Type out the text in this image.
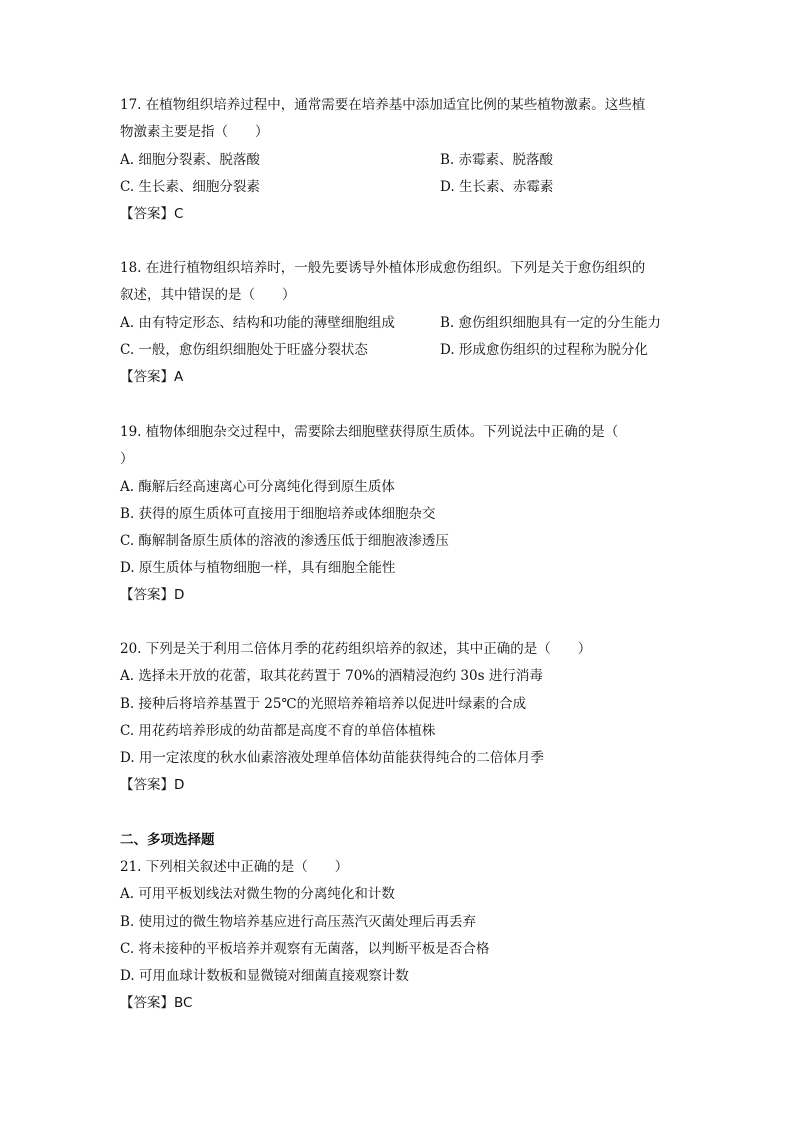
17. 在植物组织培养过程中，通常需要在培养基中添加适宜比例的某些植物激素。这些植
物激素主要是指（　　）
A. 细胞分裂素、脱落酸	B. 赤霉素、脱落酸
C. 生长素、细胞分裂素	D. 生长素、赤霉素
【答案】C
18. 在进行植物组织培养时，一般先要诱导外植体形成愈伤组织。下列是关于愈伤组织的
叙述，其中错误的是（　　）
A. 由有特定形态、结构和功能的薄壁细胞组成	B. 愈伤组织细胞具有一定的分生能力
C. 一般，愈伤组织细胞处于旺盛分裂状态	D. 形成愈伤组织的过程称为脱分化
【答案】A
19. 植物体细胞杂交过程中，需要除去细胞壁获得原生质体。下列说法中正确的是（
）
A. 酶解后经高速离心可分离纯化得到原生质体
B. 获得的原生质体可直接用于细胞培养或体细胞杂交
C. 酶解制备原生质体的溶液的渗透压低于细胞液渗透压
D. 原生质体与植物细胞一样，具有细胞全能性
【答案】D
20. 下列是关于利用二倍体月季的花药组织培养的叙述，其中正确的是（　　）
A. 选择未开放的花蕾，取其花药置于 70%的酒精浸泡约 30s 进行消毒
B. 接种后将培养基置于 25℃的光照培养箱培养以促进叶绿素的合成
C. 用花药培养形成的幼苗都是高度不育的单倍体植株
D. 用一定浓度的秋水仙素溶液处理单倍体幼苗能获得纯合的二倍体月季
【答案】D
二、多项选择题
21. 下列相关叙述中正确的是（　　）
A. 可用平板划线法对微生物的分离纯化和计数
B. 使用过的微生物培养基应进行高压蒸汽灭菌处理后再丢弃
C. 将未接种的平板培养并观察有无菌落，以判断平板是否合格
D. 可用血球计数板和显微镜对细菌直接观察计数
【答案】BC
